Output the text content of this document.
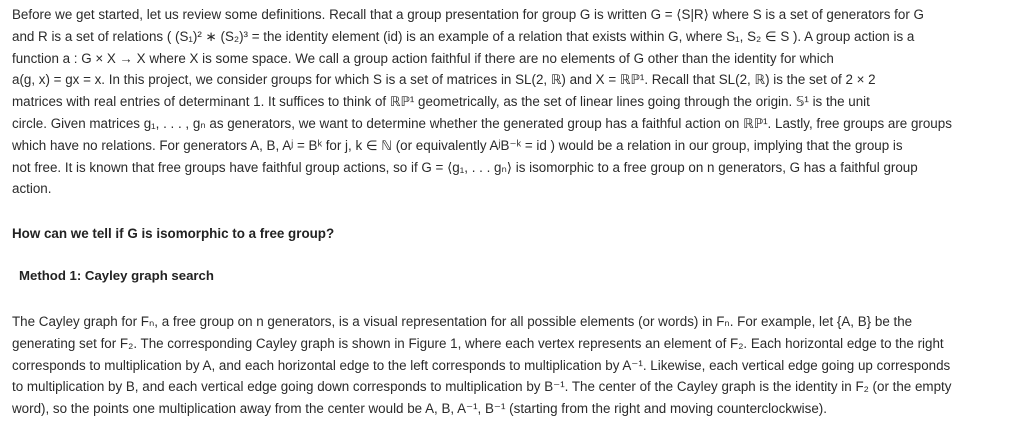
Before we get started, let us review some definitions. Recall that a group presentation for group G is written G = ⟨S|R⟩ where S is a set of generators for G
and R is a set of relations ( (S₁)² ∗ (S₂)³ = the identity element (id) is an example of a relation that exists within G, where S₁, S₂ ∈ S ). A group action is a
function a : G × X → X where X is some space. We call a group action faithful if there are no elements of G other than the identity for which
a(g, x) = gx = x. In this project, we consider groups for which S is a set of matrices in SL(2, ℝ) and X = ℝℙ¹. Recall that SL(2, ℝ) is the set of 2 × 2
matrices with real entries of determinant 1. It suffices to think of ℝℙ¹ geometrically, as the set of linear lines going through the origin. 𝕊¹ is the unit
circle. Given matrices g₁, . . . , gₙ as generators, we want to determine whether the generated group has a faithful action on ℝℙ¹. Lastly, free groups are groups
which have no relations. For generators A, B, Aʲ = Bᵏ for j, k ∈ ℕ (or equivalently AʲB⁻ᵏ = id ) would be a relation in our group, implying that the group is
not free. It is known that free groups have faithful group actions, so if G = ⟨g₁, . . . gₙ⟩ is isomorphic to a free group on n generators, G has a faithful group
action.
How can we tell if G is isomorphic to a free group?
Method 1: Cayley graph search
The Cayley graph for Fₙ, a free group on n generators, is a visual representation for all possible elements (or words) in Fₙ. For example, let {A, B} be the
generating set for F₂. The corresponding Cayley graph is shown in Figure 1, where each vertex represents an element of F₂. Each horizontal edge to the right
corresponds to multiplication by A, and each horizontal edge to the left corresponds to multiplication by A⁻¹. Likewise, each vertical edge going up corresponds
to multiplication by B, and each vertical edge going down corresponds to multiplication by B⁻¹. The center of the Cayley graph is the identity in F₂ (or the empty
word), so the points one multiplication away from the center would be A, B, A⁻¹, B⁻¹ (starting from the right and moving counterclockwise).
